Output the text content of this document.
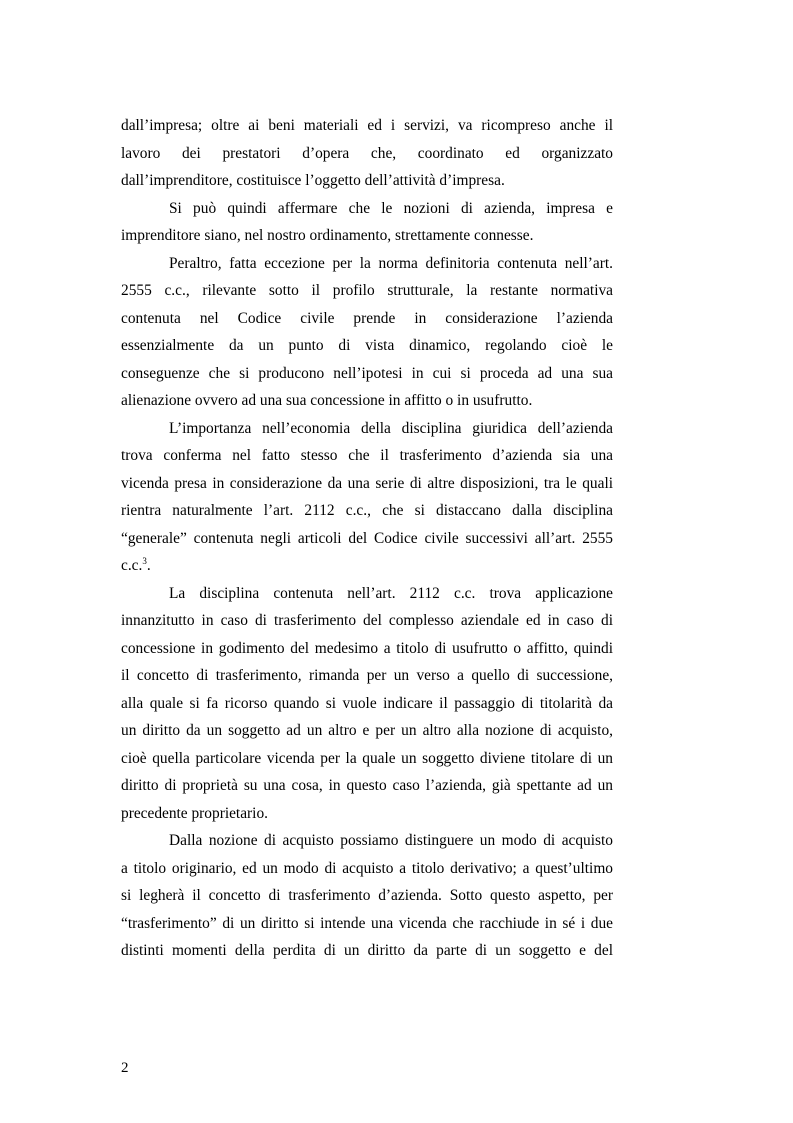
dall’impresa; oltre ai beni materiali ed i servizi, va ricompreso anche il
lavoro dei prestatori d’opera che, coordinato ed organizzato
dall’imprenditore, costituisce l’oggetto dell’attività d’impresa.

Si può quindi affermare che le nozioni di azienda, impresa e
imprenditore siano, nel nostro ordinamento, strettamente connesse.

Peraltro, fatta eccezione per la norma definitoria contenuta nell’art.
2555 c.c., rilevante sotto il profilo strutturale, la restante normativa
contenuta nel Codice civile prende in considerazione l’azienda
essenzialmente da un punto di vista dinamico, regolando cioè le
conseguenze che si producono nell’ipotesi in cui si proceda ad una sua
alienazione ovvero ad una sua concessione in affitto o in usufrutto.

L’importanza nell’economia della disciplina giuridica dell’azienda
trova conferma nel fatto stesso che il trasferimento d’azienda sia una
vicenda presa in considerazione da una serie di altre disposizioni, tra le quali
rientra naturalmente l’art. 2112 c.c., che si distaccano dalla disciplina
“generale” contenuta negli articoli del Codice civile successivi all’art. 2555
c.c.$^3$.

La disciplina contenuta nell’art. 2112 c.c. trova applicazione
innanzitutto in caso di trasferimento del complesso aziendale ed in caso di
concessione in godimento del medesimo a titolo di usufrutto o affitto, quindi
il concetto di trasferimento, rimanda per un verso a quello di successione,
alla quale si fa ricorso quando si vuole indicare il passaggio di titolarità da
un diritto da un soggetto ad un altro e per un altro alla nozione di acquisto,
cioè quella particolare vicenda per la quale un soggetto diviene titolare di un
diritto di proprietà su una cosa, in questo caso l’azienda, già spettante ad un
precedente proprietario.

Dalla nozione di acquisto possiamo distinguere un modo di acquisto
a titolo originario, ed un modo di acquisto a titolo derivativo; a quest’ultimo
si legherà il concetto di trasferimento d’azienda. Sotto questo aspetto, per
“trasferimento” di un diritto si intende una vicenda che racchiude in sé i due
distinti momenti della perdita di un diritto da parte di un soggetto e del

2
